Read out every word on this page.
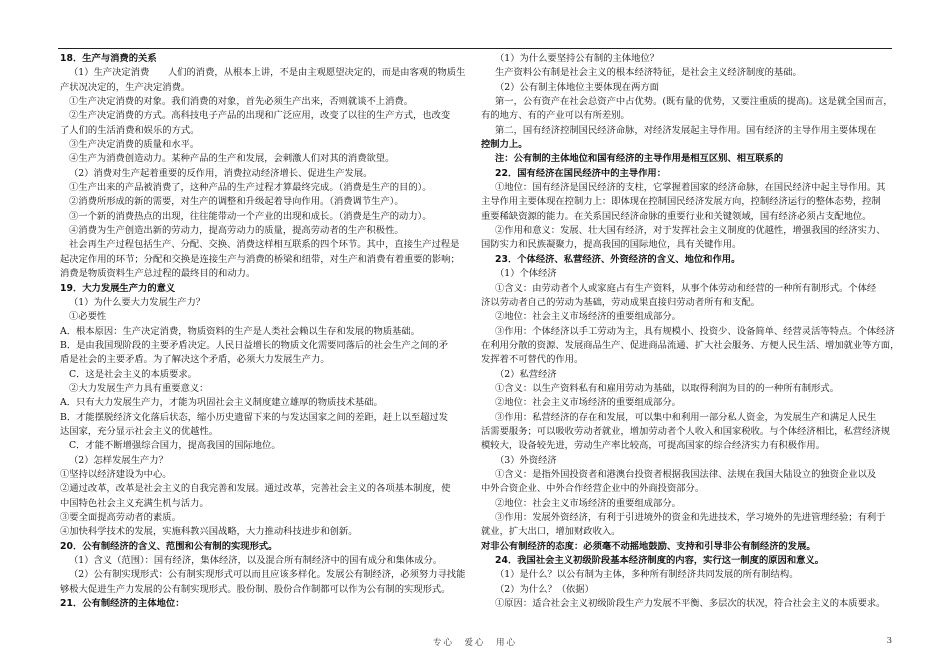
18．生产与消费的关系
（1）生产决定消费　　人们的消费，从根本上讲，不是由主观愿望决定的，而是由客观的物质生
产状况决定的，生产决定消费。
①生产决定消费的对象。我们消费的对象，首先必须生产出来，否则就谈不上消费。
②生产决定消费的方式。高科技电子产品的出现和广泛应用，改变了以往的生产方式，也改变
了人们的生活消费和娱乐的方式。
③生产决定消费的质量和水平。
④生产为消费创造动力。某种产品的生产和发展，会刺激人们对其的消费欲望。
（2）消费对生产起着重要的反作用，消费拉动经济增长、促进生产发展。
①生产出来的产品被消费了，这种产品的生产过程才算最终完成。（消费是生产的目的）。
②消费所形成的新的需要，对生产的调整和升级起着导向作用。（消费调节生产）。
③一个新的消费热点的出现，往往能带动一个产业的出现和成长。（消费是生产的动力）。
④消费为生产创造出新的劳动力，提高劳动力的质量，提高劳动者的生产积极性。
社会再生产过程包括生产、分配、交换、消费这样相互联系的四个环节。其中，直接生产过程是
起决定作用的环节；分配和交换是连接生产与消费的桥梁和纽带，对生产和消费有着重要的影响；
消费是物质资料生产总过程的最终目的和动力。
19．大力发展生产力的意义
（1）为什么要大力发展生产力？
①必要性
A．根本原因：生产决定消费，物质资料的生产是人类社会赖以生存和发展的物质基础。
B．是由我国现阶段的主要矛盾决定。人民日益增长的物质文化需要同落后的社会生产之间的矛
盾是社会的主要矛盾。为了解决这个矛盾，必须大力发展生产力。
C．这是社会主义的本质要求。
②大力发展生产力具有重要意义：
A．只有大力发展生产力，才能为巩固社会主义制度建立雄厚的物质技术基础。
B．才能摆脱经济文化落后状态，缩小历史遗留下来的与发达国家之间的差距，赶上以至超过发
达国家，充分显示社会主义的优越性。
C．才能不断增强综合国力，提高我国的国际地位。
（2）怎样发展生产力？
①坚持以经济建设为中心。
②通过改革，改革是社会主义的自我完善和发展。通过改革，完善社会主义的各项基本制度，使
中国特色社会主义充满生机与活力。
③要全面提高劳动者的素质。
④加快科学技术的发展，实施科教兴国战略，大力推动科技进步和创新。
20．公有制经济的含义、范围和公有制的实现形式。
（1）含义（范围）：国有经济，集体经济，以及混合所有制经济中的国有成分和集体成分。
（2）公有制实现形式：公有制实现形式可以而且应该多样化。发展公有制经济，必须努力寻找能
够极大促进生产力发展的公有制实现形式。股份制、股份合作制都可以作为公有制的实现形式。
21．公有制经济的主体地位：
（1）为什么要坚持公有制的主体地位？
生产资料公有制是社会主义的根本经济特征，是社会主义经济制度的基础。
（2）公有制主体地位主要体现在两方面
第一，公有资产在社会总资产中占优势。(既有量的优势，又要注重质的提高)。这是就全国而言，
有的地方、有的产业可以有所差别。
第二，国有经济控制国民经济命脉，对经济发展起主导作用。国有经济的主导作用主要体现在
控制力上。
注：公有制的主体地位和国有经济的主导作用是相互区别、相互联系的
22．国有经济在国民经济中的主导作用：
①地位：国有经济是国民经济的支柱，它掌握着国家的经济命脉，在国民经济中起主导作用。其
主导作用主要体现在控制力上：即体现在控制国民经济发展方向，控制经济运行的整体态势，控制
重要稀缺资源的能力。在关系国民经济命脉的重要行业和关键领域，国有经济必须占支配地位。
②作用和意义：发展、壮大国有经济，对于发挥社会主义制度的优越性，增强我国的经济实力、
国防实力和民族凝聚力，提高我国的国际地位，具有关键作用。
23．个体经济、私营经济、外资经济的含义、地位和作用。
（1）个体经济
①含义：由劳动者个人或家庭占有生产资料，从事个体劳动和经营的一种所有制形式。个体经
济以劳动者自己的劳动为基础，劳动成果直接归劳动者所有和支配。
②地位：社会主义市场经济的重要组成部分。
③作用：个体经济以手工劳动为主，具有规模小、投资少、设备简单、经营灵活等特点。个体经济
在利用分散的资源、发展商品生产、促进商品流通、扩大社会服务、方便人民生活、增加就业等方面，
发挥着不可替代的作用。
（2）私营经济
①含义：以生产资料私有和雇用劳动为基础，以取得利润为目的的一种所有制形式。
②地位：社会主义市场经济的重要组成部分。
③作用：私营经济的存在和发展，可以集中和利用一部分私人资金，为发展生产和满足人民生
活需要服务；可以吸收劳动者就业，增加劳动者个人收入和国家税收。与个体经济相比，私营经济规
模较大，设备较先进，劳动生产率比较高，可提高国家的综合经济实力有积极作用。
（3）外资经济
①含义：是指外国投资者和港澳台投资者根据我国法律、法规在我国大陆设立的独资企业以及
中外合资企业、中外合作经营企业中的外商投资部分。
②地位：社会主义市场经济的重要组成部分。
③作用：发展外资经济，有利于引进境外的资金和先进技术，学习境外的先进管理经验；有利于
就业，扩大出口，增加财政收入。
对非公有制经济的态度：必须毫不动摇地鼓励、支持和引导非公有制经济的发展。
24．我国社会主义初级阶段基本经济制度的内容，实行这一制度的原因和意义。
（1）是什么？以公有制为主体，多种所有制经济共同发展的所有制结构。
（2）为什么？（依据）
①原因：适合社会主义初级阶段生产力发展不平衡、多层次的状况，符合社会主义的本质要求。
专心　爱心　用心	3
